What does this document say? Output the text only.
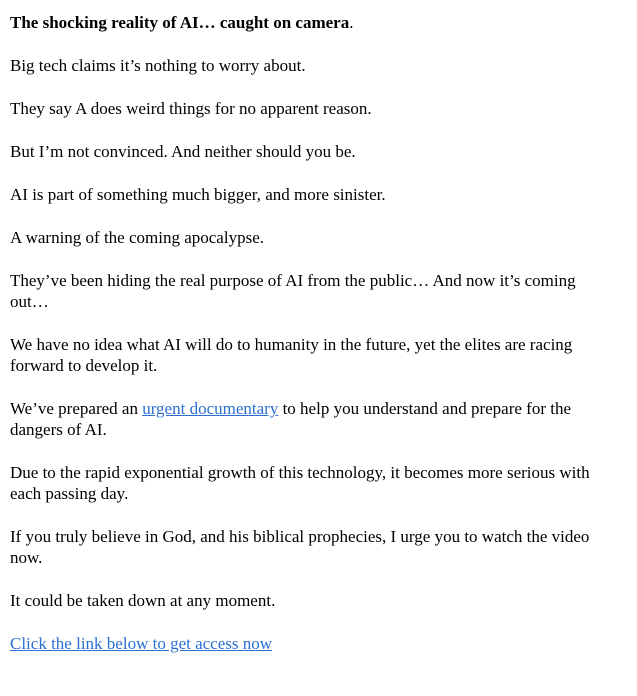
The shocking reality of AI… caught on camera.

Big tech claims it’s nothing to worry about.

They say A does weird things for no apparent reason.

But I’m not convinced. And neither should you be.

AI is part of something much bigger, and more sinister.

A warning of the coming apocalypse.

They’ve been hiding the real purpose of AI from the public… And now it’s coming out…

We have no idea what AI will do to humanity in the future, yet the elites are racing forward to develop it.

We’ve prepared an urgent documentary to help you understand and prepare for the dangers of AI.

Due to the rapid exponential growth of this technology, it becomes more serious with each passing day.

If you truly believe in God, and his biblical prophecies, I urge you to watch the video now.

It could be taken down at any moment.

Click the link below to get access now
